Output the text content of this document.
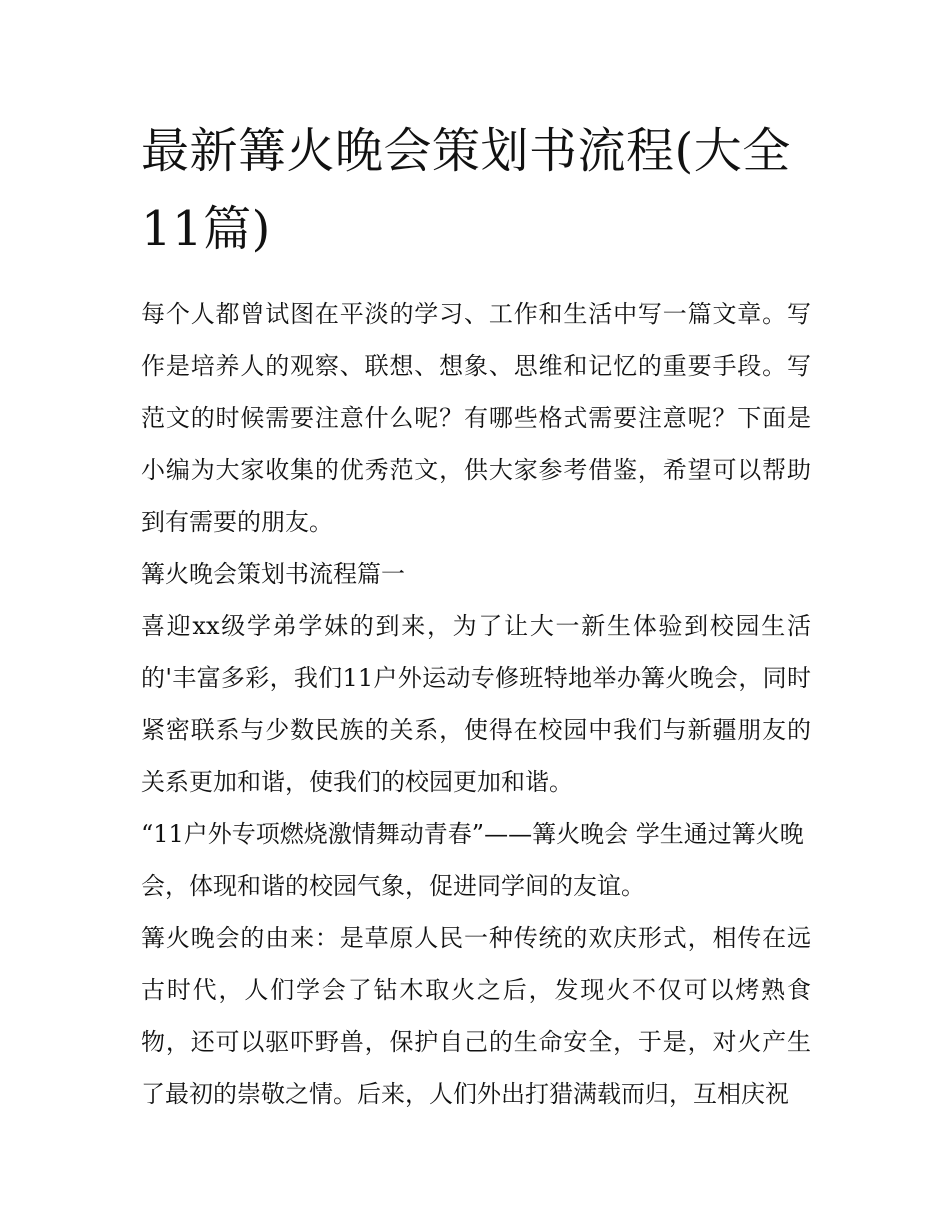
最新篝火晚会策划书流程(大全11篇)

每个人都曾试图在平淡的学习、工作和生活中写一篇文章。写作是培养人的观察、联想、想象、思维和记忆的重要手段。写范文的时候需要注意什么呢？有哪些格式需要注意呢？下面是小编为大家收集的优秀范文，供大家参考借鉴，希望可以帮助到有需要的朋友。

篝火晚会策划书流程篇一

喜迎xx级学弟学妹的到来，为了让大一新生体验到校园生活的'丰富多彩，我们11户外运动专修班特地举办篝火晚会，同时紧密联系与少数民族的关系，使得在校园中我们与新疆朋友的关系更加和谐，使我们的校园更加和谐。

“11户外专项燃烧激情舞动青春”——篝火晚会 学生通过篝火晚会，体现和谐的校园气象，促进同学间的友谊。

篝火晚会的由来：是草原人民一种传统的欢庆形式，相传在远古时代，人们学会了钻木取火之后，发现火不仅可以烤熟食物，还可以驱吓野兽，保护自己的生命安全，于是，对火产生了最初的崇敬之情。后来，人们外出打猎满载而归，互相庆祝
